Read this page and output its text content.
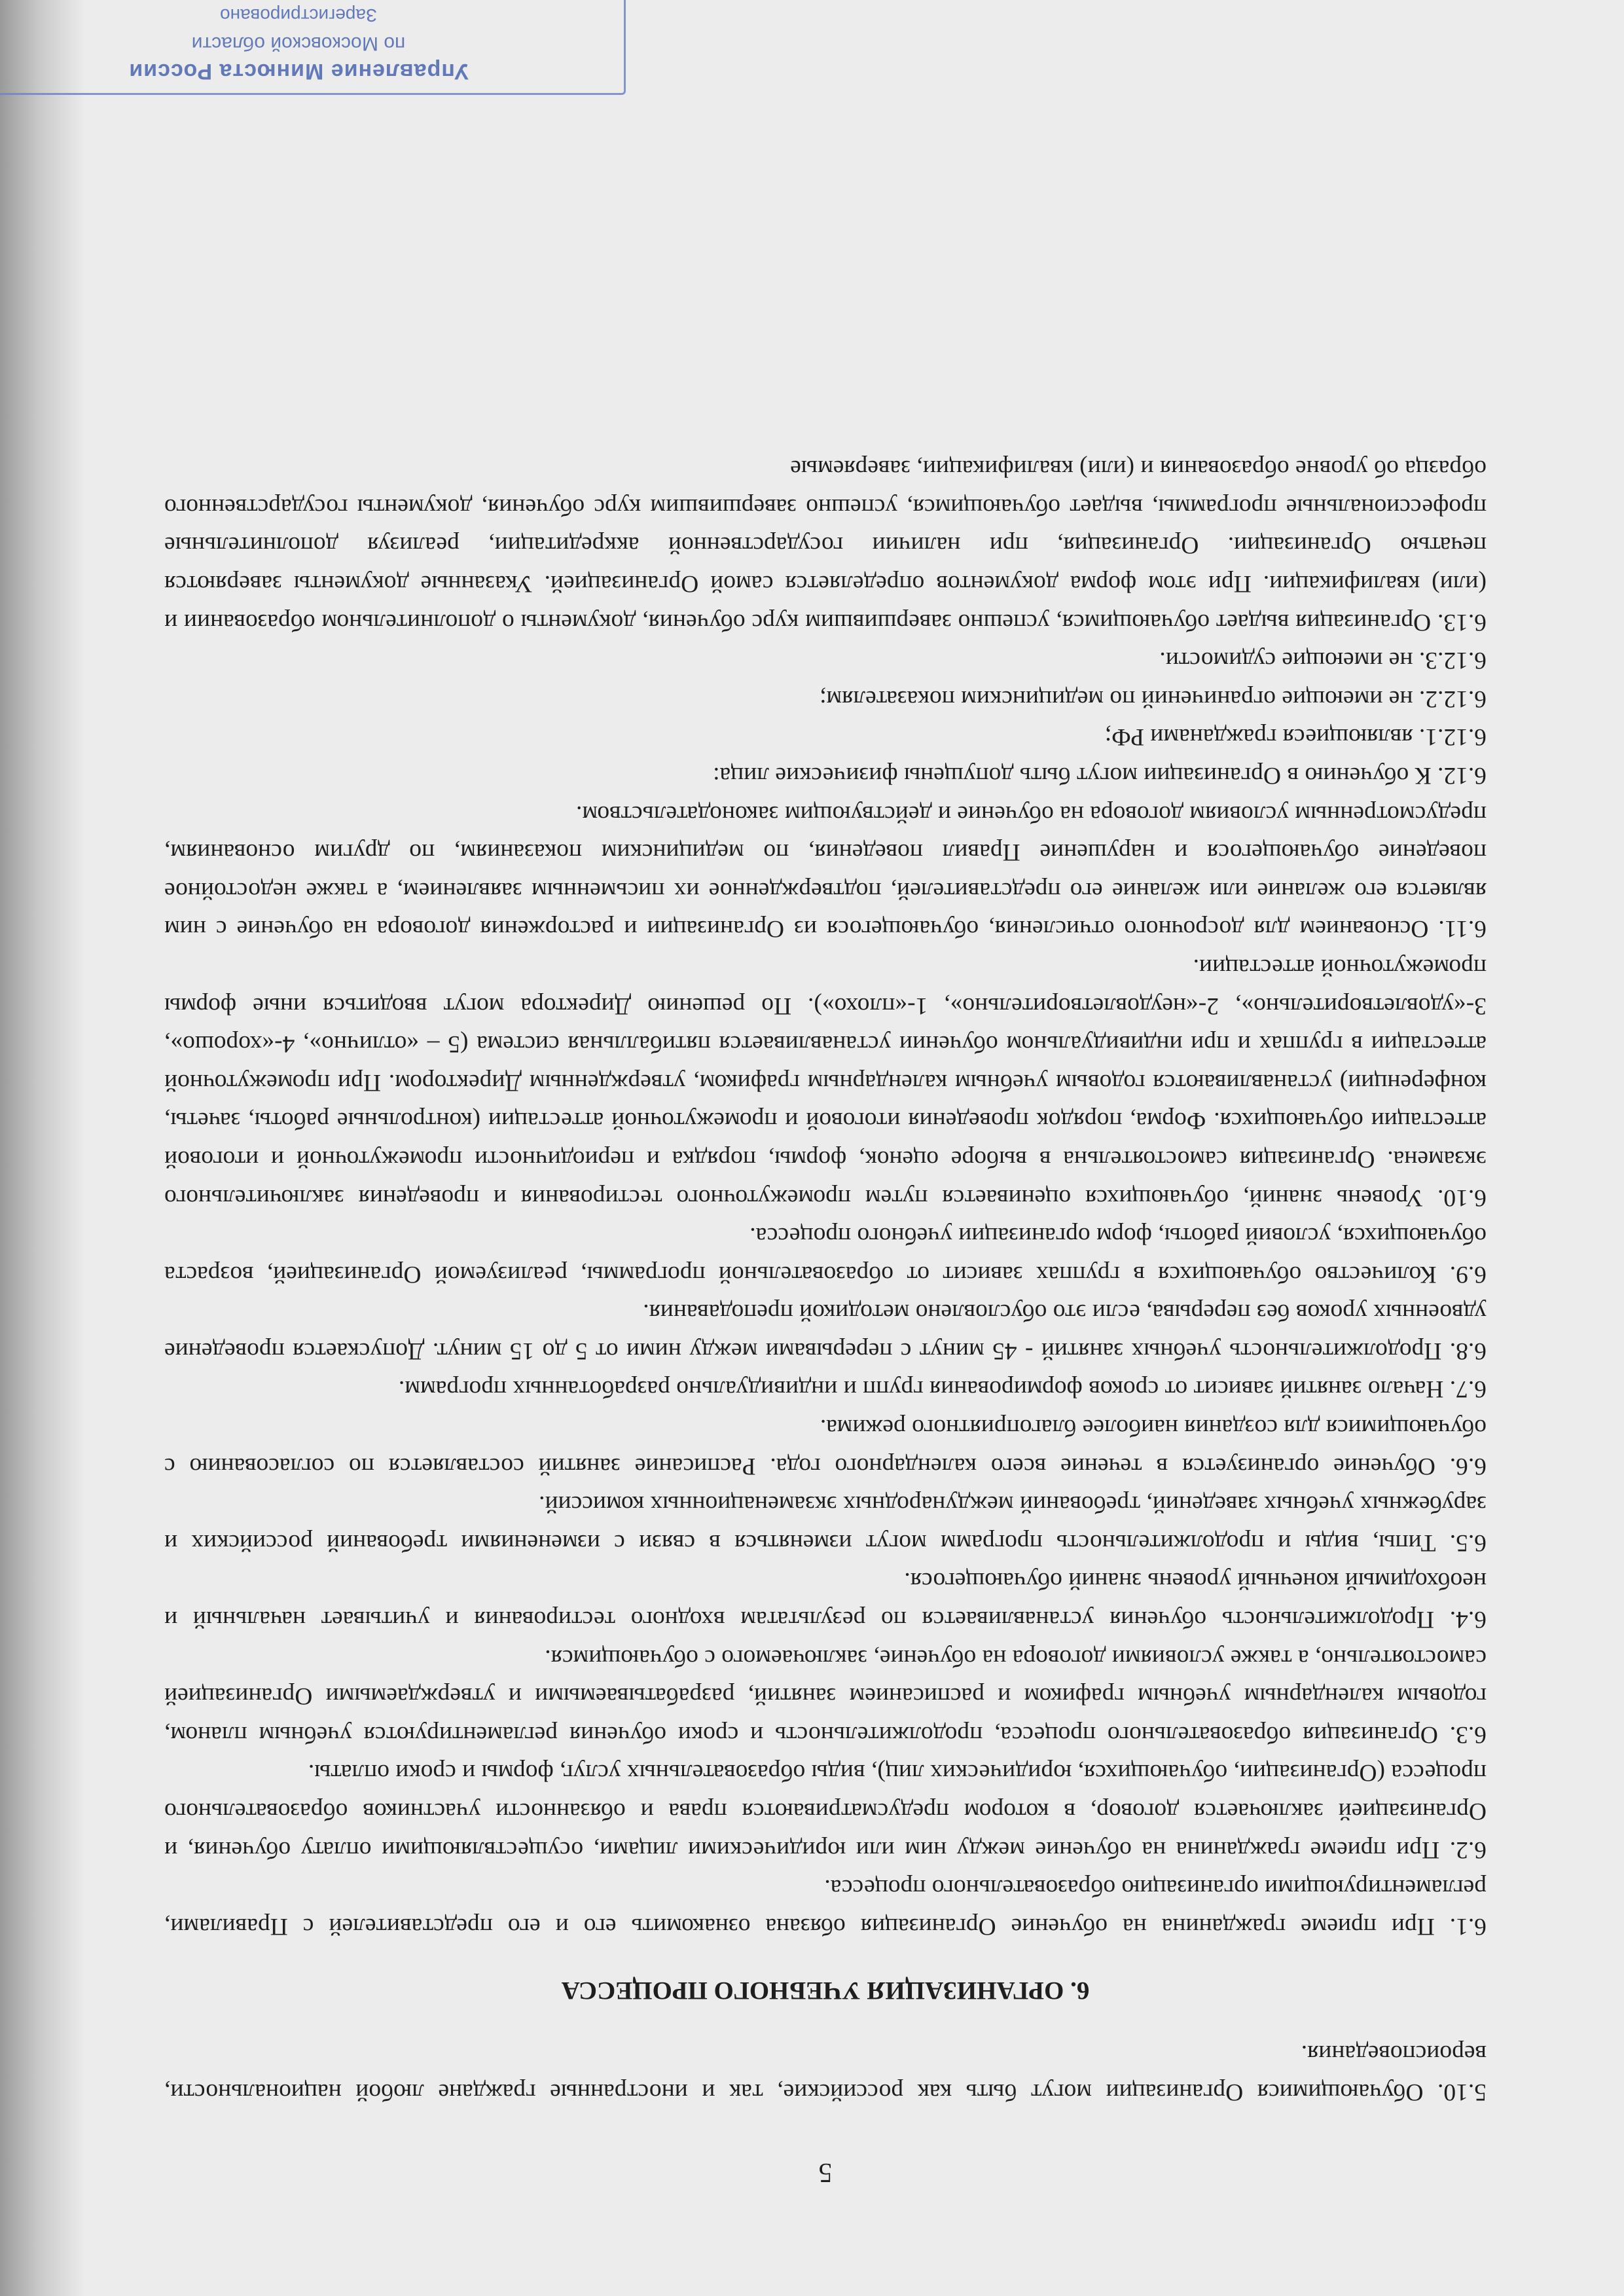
5

5.10. Обучающимися Организации могут быть как российские, так и иностранные граждане любой национальности, вероисповедания.

6. ОРГАНИЗАЦИЯ УЧЕБНОГО ПРОЦЕССА

6.1. При приеме гражданина на обучение Организация обязана ознакомить его и его представителей с Правилами, регламентирующими организацию образовательного процесса.

6.2. При приеме гражданина на обучение между ним или юридическими лицами, осуществляющими оплату обучения, и Организацией заключается договор, в котором предусматриваются права и обязанности участников образовательного процесса (Организации, обучающихся, юридических лиц), виды образовательных услуг, формы и сроки оплаты.

6.3. Организация образовательного процесса, продолжительность и сроки обучения регламентируются учебным планом, годовым календарным учебным графиком и расписанием занятий, разрабатываемыми и утверждаемыми Организацией самостоятельно, а также условиями договора на обучение, заключаемого с обучающимся.

6.4. Продолжительность обучения устанавливается по результатам входного тестирования и учитывает начальный и необходимый конечный уровень знаний обучающегося.

6.5. Типы, виды и продолжительность программ могут изменяться в связи с изменениями требований российских и зарубежных учебных заведений, требований международных экзаменационных комиссий.

6.6. Обучение организуется в течение всего календарного года. Расписание занятий составляется по согласованию с обучающимися для создания наиболее благоприятного режима.

6.7. Начало занятий зависит от сроков формирования групп и индивидуально разработанных программ.

6.8. Продолжительность учебных занятий - 45 минут с перерывами между ними от 5 до 15 минут. Допускается проведение удвоенных уроков без перерыва, если это обусловлено методикой преподавания.

6.9. Количество обучающихся в группах зависит от образовательной программы, реализуемой Организацией, возраста обучающихся, условий работы, форм организации учебного процесса.

6.10. Уровень знаний, обучающихся оценивается путем промежуточного тестирования и проведения заключительного экзамена. Организация самостоятельна в выборе оценок, формы, порядка и периодичности промежуточной и итоговой аттестации обучающихся. Форма, порядок проведения итоговой и промежуточной аттестации (контрольные работы, зачеты, конференции) устанавливаются годовым учебным календарным графиком, утвержденным Директором. При промежуточной аттестации в группах и при индивидуальном обучении устанавливается пятибалльная система (5 – «отлично», 4-«хорошо», 3-«удовлетворительно», 2-«неудовлетворительно», 1-«плохо»). По решению Директора могут вводиться иные формы промежуточной аттестации.

6.11. Основанием для досрочного отчисления, обучающегося из Организации и расторжения договора на обучение с ним является его желание или желание его представителей, подтвержденное их письменным заявлением, а также недостойное поведение обучающегося и нарушение Правил поведения, по медицинским показаниям, по другим основаниям, предусмотренным условиям договора на обучение и действующим законодательством.

6.12. К обучению в Организации могут быть допущены физические лица:

6.12.1. являющиеся гражданами РФ;

6.12.2. не имеющие ограничений по медицинским показателям;

6.12.3. не имеющие судимости.

6.13. Организация выдает обучающимся, успешно завершившим курс обучения, документы о дополнительном образовании и (или) квалификации. При этом форма документов определяется самой Организацией. Указанные документы заверяются печатью Организации. Организация, при наличии государственной аккредитации, реализуя дополнительные профессиональные программы, выдает обучающимся, успешно завершившим курс обучения, документы государственного образца об уровне образования и (или) квалификации, заверяемые

Управление Минюста России
по Московской области
Зарегистрировано
